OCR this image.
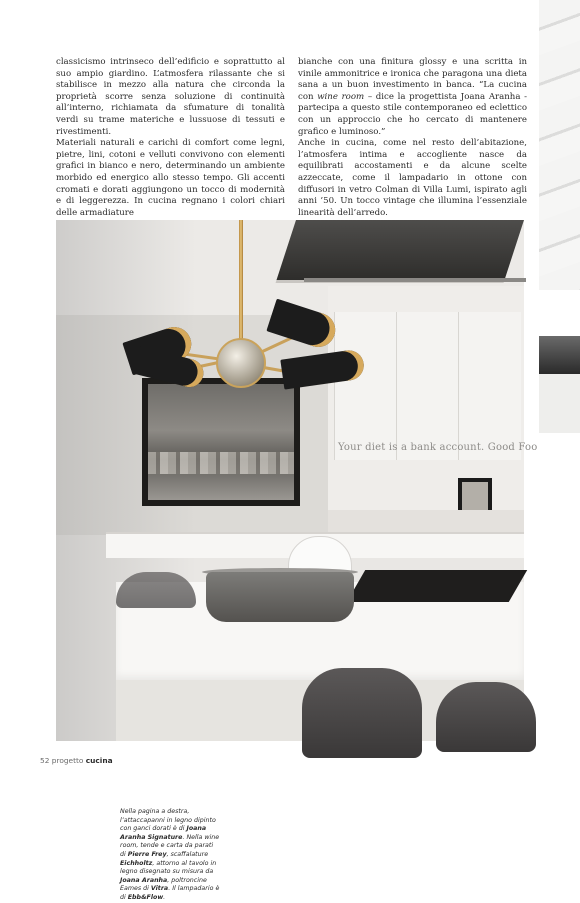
classicismo intrinseco dell’edificio e soprattutto al suo ampio giardino. L’atmosfera rilassante che si stabilisce in mezzo alla natura che circonda la proprietà scorre senza soluzione di continuità all’interno, richiamata da sfumature di tonalità verdi su trame materiche e lussuose di tessuti e rivestimenti.

Materiali naturali e carichi di comfort come legni, pietre, lini, cotoni e velluti convivono con elementi grafici in bianco e nero, determinando un ambiente morbido ed energico allo stesso tempo. Gli accenti cromati e dorati aggiungono un tocco di modernità e di leggerezza. In cucina regnano i colori chiari delle armadiature

bianche con una finitura glossy e una scritta in vinile ammonitrice e ironica che paragona una dieta sana a un buon investimento in banca. “La cucina con wine room – dice la progettista Joana Aranha - partecipa a questo stile contemporaneo ed eclettico con un approccio che ho cercato di mantenere grafico e luminoso.”

Anche in cucina, come nel resto dell’abitazione, l’atmosfera intima e accogliente nasce da equilibrati accostamenti e da alcune scelte azzeccate, come il lampadario in ottone con diffusori in vetro Colman di Villa Lumi, ispirato agli anni ’50. Un tocco vintage che illumina l’essenziale linearità dell’arredo.

Your diet is a bank account. Good Foo
Nella pagina a destra, l’attaccapanni in legno dipinto con ganci dorati è di Joana Aranha Signature. Nella wine room, tende e carta da parati di Pierre Frey, scaffalature Eichholtz, attorno al tavolo in legno disegnato su misura da Joana Aranha, poltroncine Eames di Vitra. Il lampadario è di Ebb&Flow.
52 progetto cucina
